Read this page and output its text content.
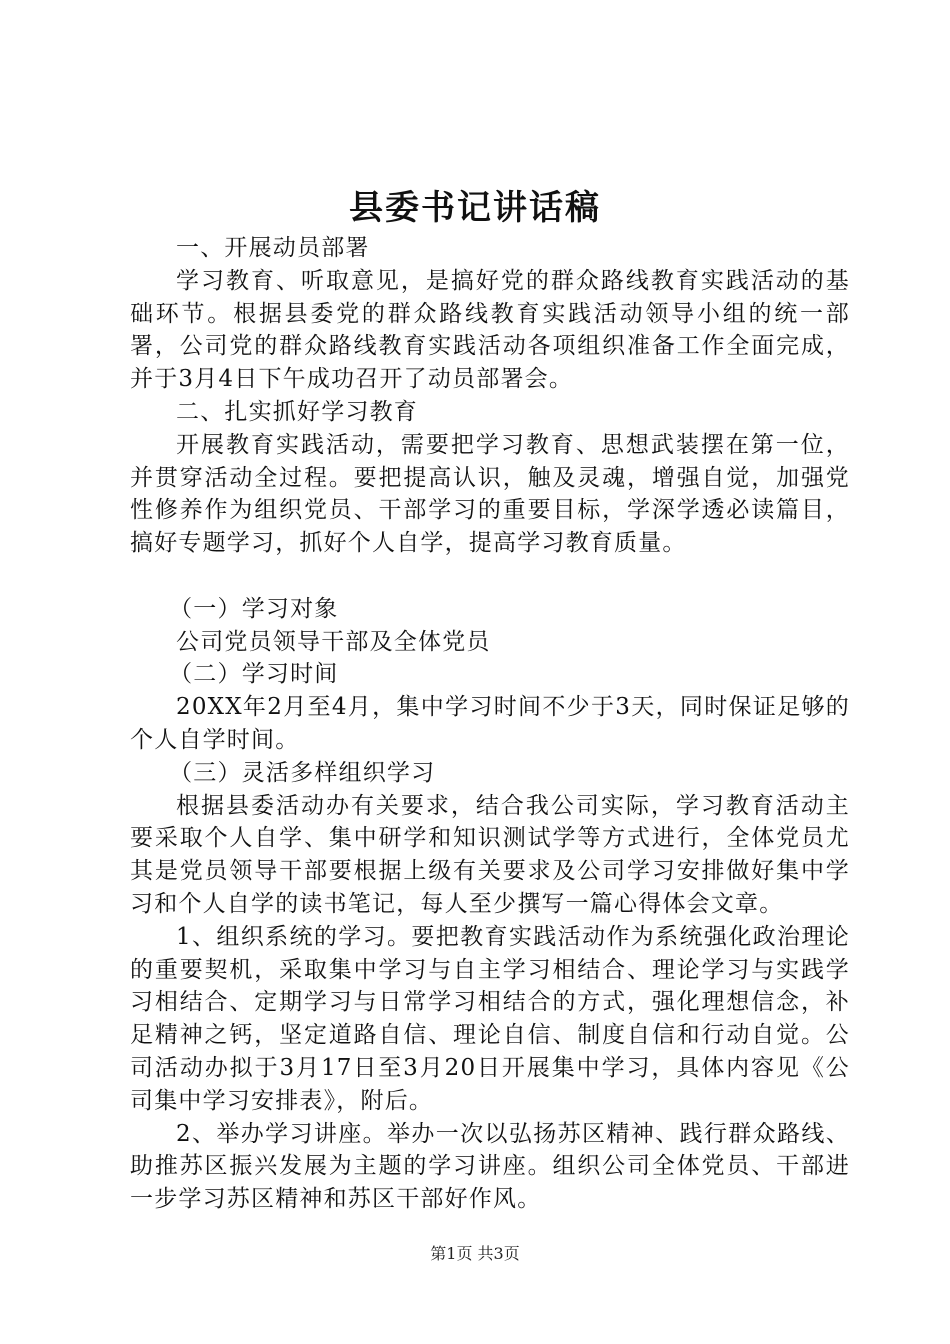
县委书记讲话稿

一、开展动员部署

学习教育、听取意见，是搞好党的群众路线教育实践活动的基础环节。根据县委党的群众路线教育实践活动领导小组的统一部署，公司党的群众路线教育实践活动各项组织准备工作全面完成，并于3月4日下午成功召开了动员部署会。

二、扎实抓好学习教育

开展教育实践活动，需要把学习教育、思想武装摆在第一位，并贯穿活动全过程。要把提高认识，触及灵魂，增强自觉，加强党性修养作为组织党员、干部学习的重要目标，学深学透必读篇目，搞好专题学习，抓好个人自学，提高学习教育质量。

（一）学习对象

公司党员领导干部及全体党员

（二）学习时间

20XX年2月至4月，集中学习时间不少于3天，同时保证足够的个人自学时间。

（三）灵活多样组织学习

根据县委活动办有关要求，结合我公司实际，学习教育活动主要采取个人自学、集中研学和知识测试学等方式进行，全体党员尤其是党员领导干部要根据上级有关要求及公司学习安排做好集中学习和个人自学的读书笔记，每人至少撰写一篇心得体会文章。

1、组织系统的学习。要把教育实践活动作为系统强化政治理论的重要契机，采取集中学习与自主学习相结合、理论学习与实践学习相结合、定期学习与日常学习相结合的方式，强化理想信念，补足精神之钙，坚定道路自信、理论自信、制度自信和行动自觉。公司活动办拟于3月17日至3月20日开展集中学习，具体内容见《公司集中学习安排表》，附后。

2、举办学习讲座。举办一次以弘扬苏区精神、践行群众路线、助推苏区振兴发展为主题的学习讲座。组织公司全体党员、干部进一步学习苏区精神和苏区干部好作风。

第1页 共3页
